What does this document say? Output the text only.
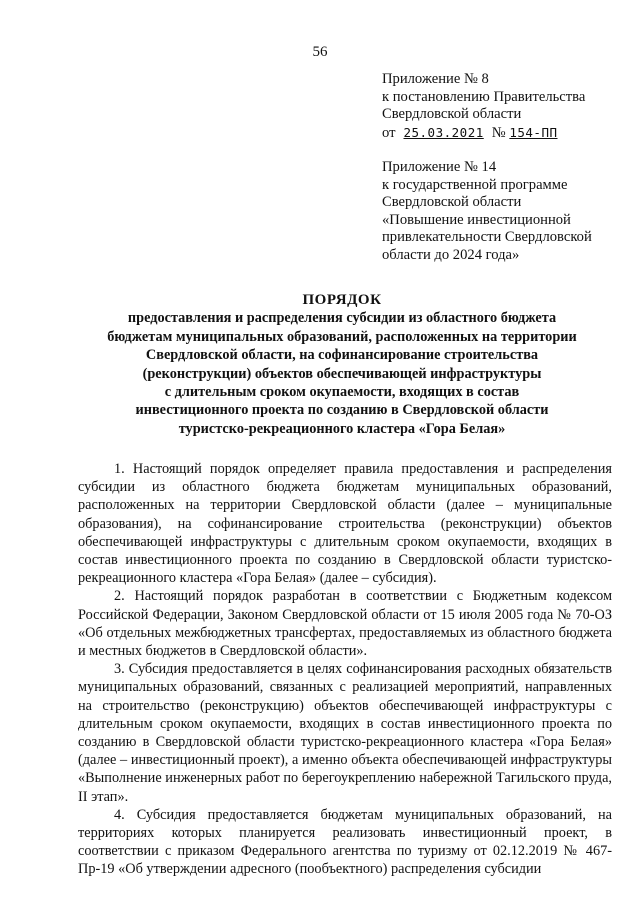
56
Приложение № 8
к постановлению Правительства
Свердловской области
от 25.03.2021 № 154-ПП
Приложение № 14
к государственной программе
Свердловской области
«Повышение инвестиционной
привлекательности Свердловской
области до 2024 года»
ПОРЯДОК
предоставления и распределения субсидии из областного бюджета
бюджетам муниципальных образований, расположенных на территории
Свердловской области, на софинансирование строительства
(реконструкции) объектов обеспечивающей инфраструктуры
с длительным сроком окупаемости, входящих в состав
инвестиционного проекта по созданию в Свердловской области
туристско-рекреационного кластера «Гора Белая»

1. Настоящий порядок определяет правила предоставления и распределения субсидии из областного бюджета бюджетам муниципальных образований, расположенных на территории Свердловской области (далее – муниципальные образования), на софинансирование строительства (реконструкции) объектов обеспечивающей инфраструктуры с длительным сроком окупаемости, входящих в состав инвестиционного проекта по созданию в Свердловской области туристско-рекреационного кластера «Гора Белая» (далее – субсидия).

2. Настоящий порядок разработан в соответствии с Бюджетным кодексом Российской Федерации, Законом Свердловской области от 15 июля 2005 года № 70-ОЗ «Об отдельных межбюджетных трансфертах, предоставляемых из областного бюджета и местных бюджетов в Свердловской области».

3. Субсидия предоставляется в целях софинансирования расходных обязательств муниципальных образований, связанных с реализацией мероприятий, направленных на строительство (реконструкцию) объектов обеспечивающей инфраструктуры с длительным сроком окупаемости, входящих в состав инвестиционного проекта по созданию в Свердловской области туристско-рекреационного кластера «Гора Белая» (далее – инвестиционный проект), а именно объекта обеспечивающей инфраструктуры «Выполнение инженерных работ по берегоукреплению набережной Тагильского пруда, II этап».

4. Субсидия предоставляется бюджетам муниципальных образований, на территориях которых планируется реализовать инвестиционный проект, в соответствии с приказом Федерального агентства по туризму от 02.12.2019 № 467-Пр-19 «Об утверждении адресного (пообъектного) распределения субсидии
